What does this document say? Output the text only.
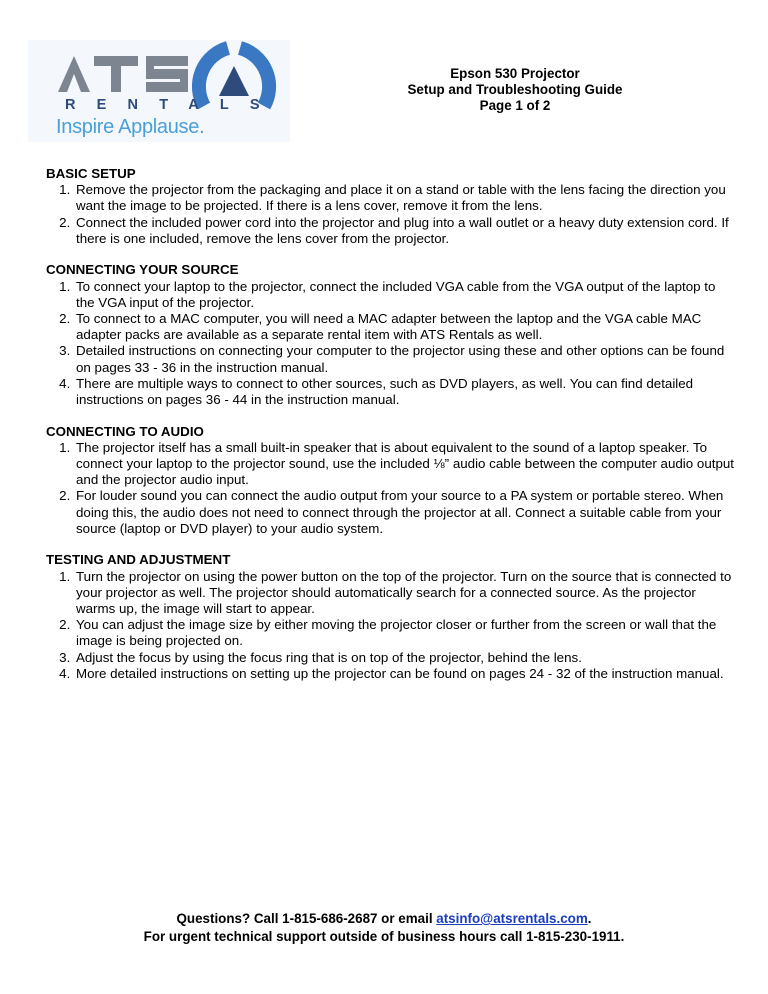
RENTALS
Inspire Applause.
Epson 530 Projector
Setup and Troubleshooting Guide
Page 1 of 2
BASIC SETUP
1. Remove the projector from the packaging and place it on a stand or table with the lens facing the direction you want the image to be projected. If there is a lens cover, remove it from the lens.
2. Connect the included power cord into the projector and plug into a wall outlet or a heavy duty extension cord. If there is one included, remove the lens cover from the projector.
CONNECTING YOUR SOURCE
1. To connect your laptop to the projector, connect the included VGA cable from the VGA output of the laptop to the VGA input of the projector.
2. To connect to a MAC computer, you will need a MAC adapter between the laptop and the VGA cable MAC adapter packs are available as a separate rental item with ATS Rentals as well.
3. Detailed instructions on connecting your computer to the projector using these and other options can be found on pages 33 - 36 in the instruction manual.
4. There are multiple ways to connect to other sources, such as DVD players, as well. You can find detailed instructions on pages 36 - 44 in the instruction manual.
CONNECTING TO AUDIO
1. The projector itself has a small built-in speaker that is about equivalent to the sound of a laptop speaker. To connect your laptop to the projector sound, use the included ⅛” audio cable between the computer audio output and the projector audio input.
2. For louder sound you can connect the audio output from your source to a PA system or portable stereo. When doing this, the audio does not need to connect through the projector at all. Connect a suitable cable from your source (laptop or DVD player) to your audio system.
TESTING AND ADJUSTMENT
1. Turn the projector on using the power button on the top of the projector. Turn on the source that is connected to your projector as well. The projector should automatically search for a connected source. As the projector warms up, the image will start to appear.
2. You can adjust the image size by either moving the projector closer or further from the screen or wall that the image is being projected on.
3. Adjust the focus by using the focus ring that is on top of the projector, behind the lens.
4. More detailed instructions on setting up the projector can be found on pages 24 - 32 of the instruction manual.
Questions? Call 1-815-686-2687 or email atsinfo@atsrentals.com.
For urgent technical support outside of business hours call 1-815-230-1911.
